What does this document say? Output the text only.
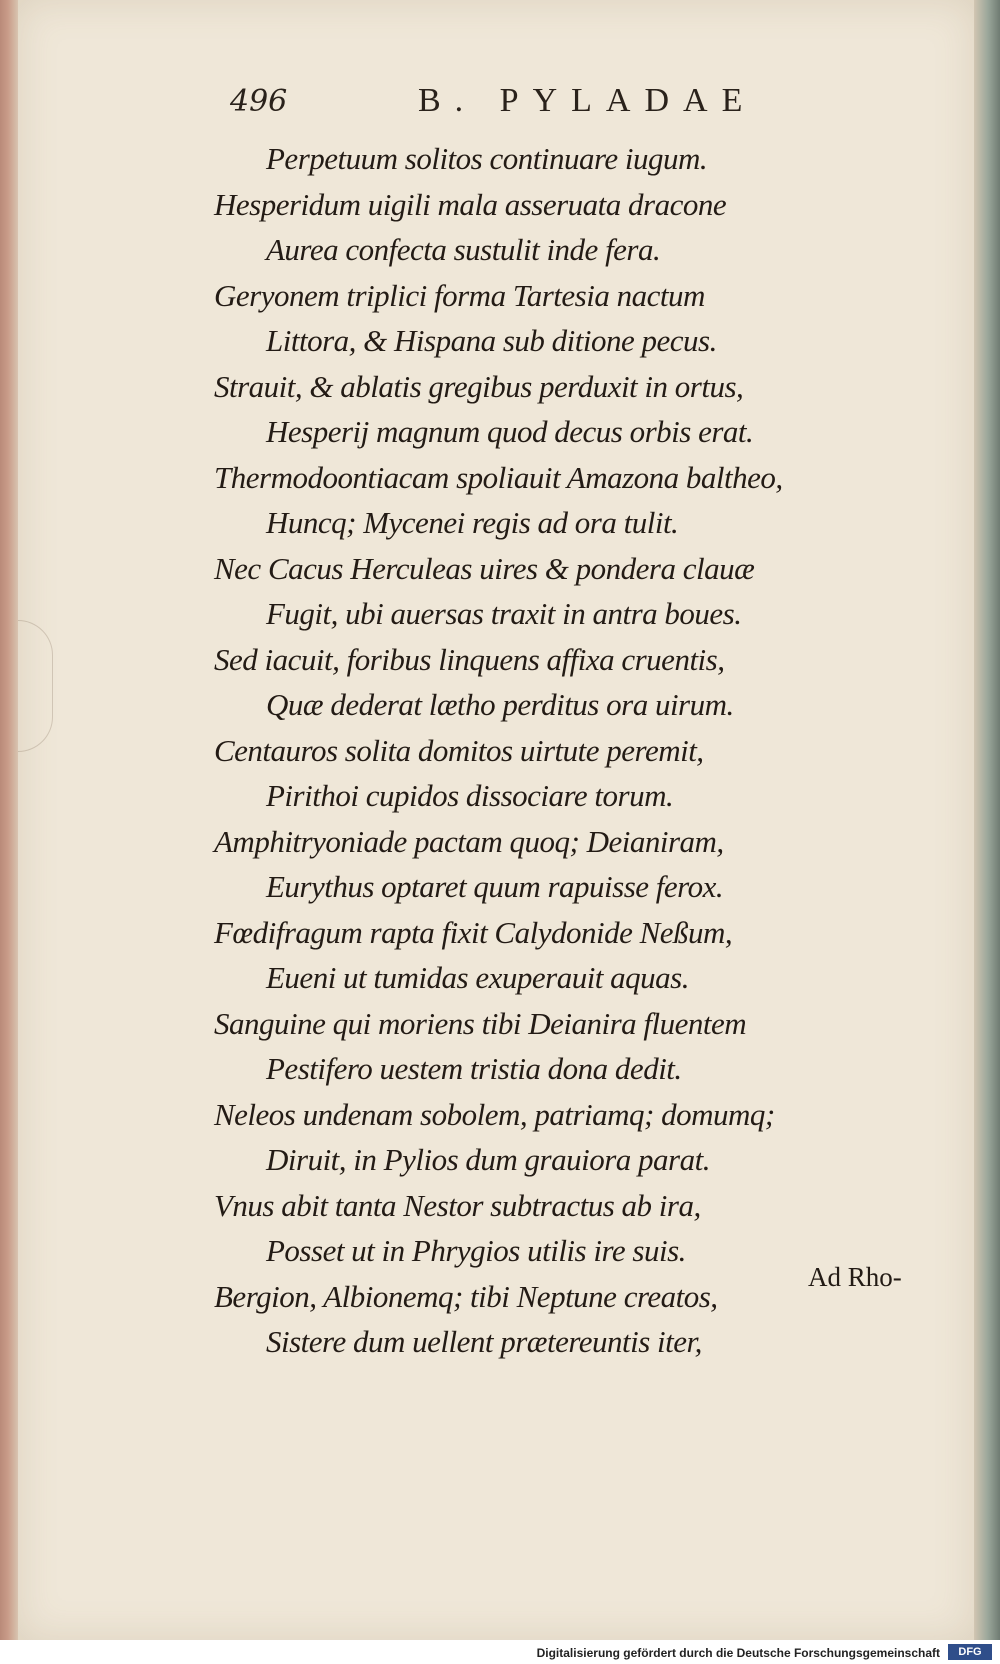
496	B. PYLADAE
Perpetuum solitos continuare iugum.
Hesperidum uigili mala asseruata dracone
Aurea confecta sustulit inde fera.
Geryonem triplici forma Tartesia nactum
Littora, & Hispana sub ditione pecus.
Strauit, & ablatis gregibus perduxit in ortus,
Hesperij magnum quod decus orbis erat.
Thermodoontiacam spoliauit Amazona baltheo,
Huncq; Mycenei regis ad ora tulit.
Nec Cacus Herculeas uires & pondera clauæ
Fugit, ubi auersas traxit in antra boues.
Sed iacuit, foribus linquens affixa cruentis,
Quæ dederat lætho perditus ora uirum.
Centauros solita domitos uirtute peremit,
Pirithoi cupidos dissociare torum.
Amphitryoniade pactam quoq; Deianiram,
Eurythus optaret quum rapuisse ferox.
Fœdifragum rapta fixit Calydonide Neßum,
Eueni ut tumidas exuperauit aquas.
Sanguine qui moriens tibi Deianira fluentem
Pestifero uestem tristia dona dedit.
Neleos undenam sobolem, patriamq; domumq;
Diruit, in Pylios dum grauiora parat.
Vnus abit tanta Nestor subtractus ab ira,
Posset ut in Phrygios utilis ire suis.
Bergion, Albionemq; tibi Neptune creatos,
Sistere dum uellent prætereuntis iter,
Ad Rho-
Digitalisierung gefördert durch die Deutsche Forschungsgemeinschaft	DFG
